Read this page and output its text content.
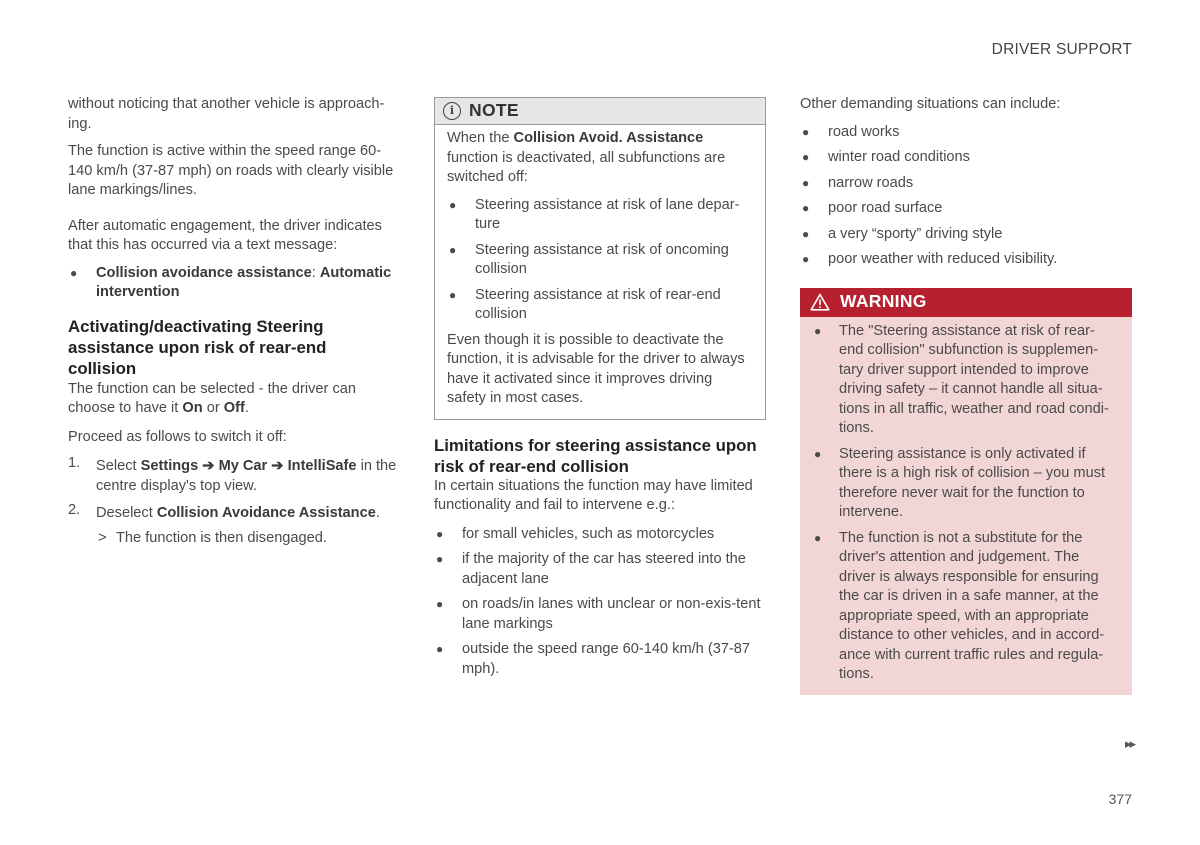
DRIVER SUPPORT
▸▸
377

without noticing that another vehicle is approach-ing.

The function is active within the speed range 60-140 km/h (37-87 mph) on roads with clearly visible lane markings/lines.

After automatic engagement, the driver indicates that this has occurred via a text message:

● Collision avoidance assistance: Automatic intervention
Activating/deactivating Steering assistance upon risk of rear-end collision

The function can be selected - the driver can choose to have it On or Off.

Proceed as follows to switch it off:

1. Select Settings ➔ My Car ➔ IntelliSafe in the centre display's top view.
2. Deselect Collision Avoidance Assistance.
> The function is then disengaged.
i NOTE

When the Collision Avoid. Assistance function is deactivated, all subfunctions are switched off:

● Steering assistance at risk of lane depar-ture
● Steering assistance at risk of oncoming collision
● Steering assistance at risk of rear-end collision

Even though it is possible to deactivate the function, it is advisable for the driver to always have it activated since it improves driving safety in most cases.

Limitations for steering assistance upon risk of rear-end collision

In certain situations the function may have limited functionality and fail to intervene e.g.:

● for small vehicles, such as motorcycles
● if the majority of the car has steered into the adjacent lane
● on roads/in lanes with unclear or non-exis-tent lane markings
● outside the speed range 60-140 km/h (37-87 mph).

Other demanding situations can include:

● road works
● winter road conditions
● narrow roads
● poor road surface
● a very “sporty” driving style
● poor weather with reduced visibility.
WARNING
● The "Steering assistance at risk of rear-end collision" subfunction is supplemen-tary driver support intended to improve driving safety – it cannot handle all situa-tions in all traffic, weather and road condi-tions.
● Steering assistance is only activated if there is a high risk of collision – you must therefore never wait for the function to intervene.
● The function is not a substitute for the driver's attention and judgement. The driver is always responsible for ensuring the car is driven in a safe manner, at the appropriate speed, with an appropriate distance to other vehicles, and in accord-ance with current traffic rules and regula-tions.
